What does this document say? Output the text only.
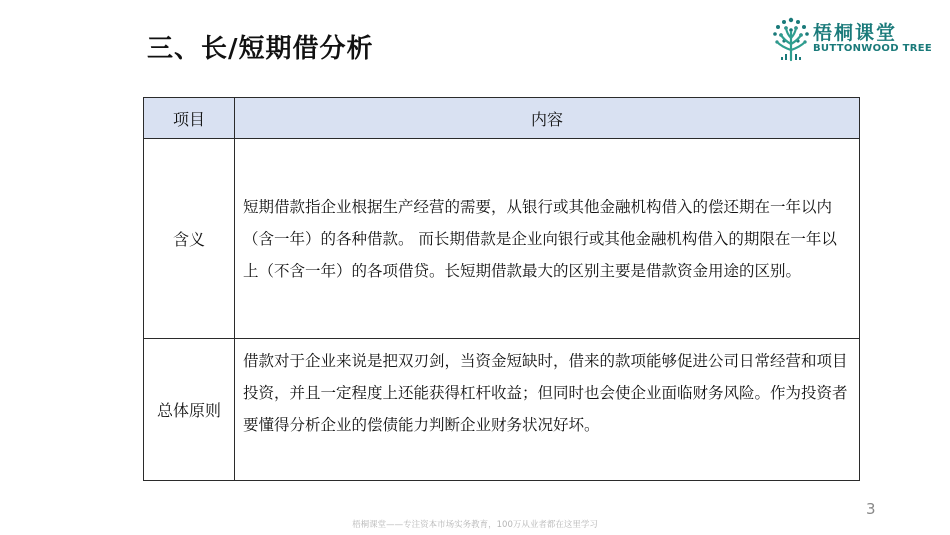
三、长/短期借分析
梧桐课堂
BUTTONWOOD TREE
项目	内容
含义	短期借款指企业根据生产经营的需要，从银行或其他金融机构借入的偿还期在一年以内（含一年）的各种借款。 而长期借款是企业向银行或其他金融机构借入的期限在一年以上（不含一年）的各项借贷。长短期借款最大的区别主要是借款资金用途的区别。
总体原则	借款对于企业来说是把双刃剑，当资金短缺时，借来的款项能够促进公司日常经营和项目投资，并且一定程度上还能获得杠杆收益；但同时也会使企业面临财务风险。作为投资者要懂得分析企业的偿债能力判断企业财务状况好坏。
3
梧桐课堂——专注资本市场实务教育，100万从业者都在这里学习
